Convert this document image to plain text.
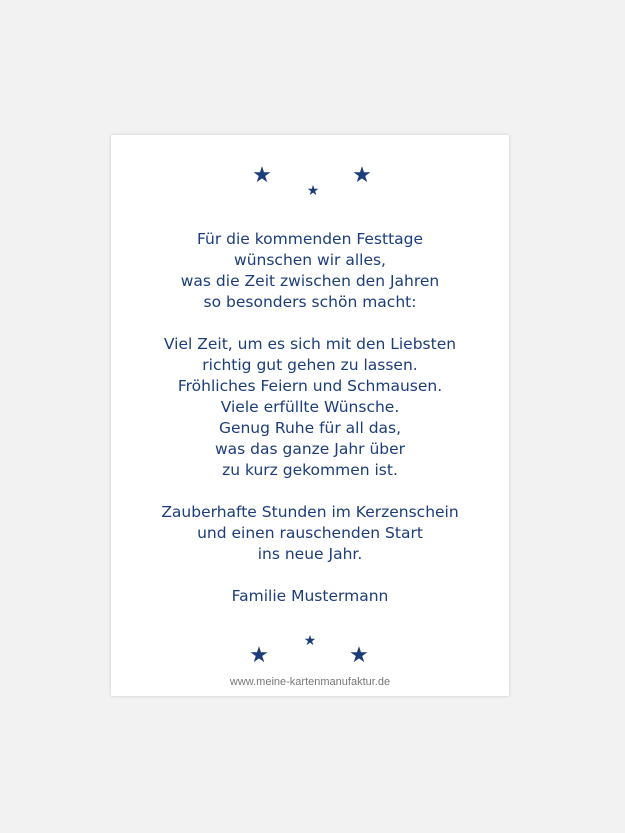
★
★
★
Für die kommenden Festtage
wünschen wir alles,
was die Zeit zwischen den Jahren
so besonders schön macht:
Viel Zeit, um es sich mit den Liebsten
richtig gut gehen zu lassen.
Fröhliches Feiern und Schmausen.
Viele erfüllte Wünsche.
Genug Ruhe für all das,
was das ganze Jahr über
zu kurz gekommen ist.
Zauberhafte Stunden im Kerzenschein
und einen rauschenden Start
ins neue Jahr.
Familie Mustermann
★
★	★
www.meine-kartenmanufaktur.de
